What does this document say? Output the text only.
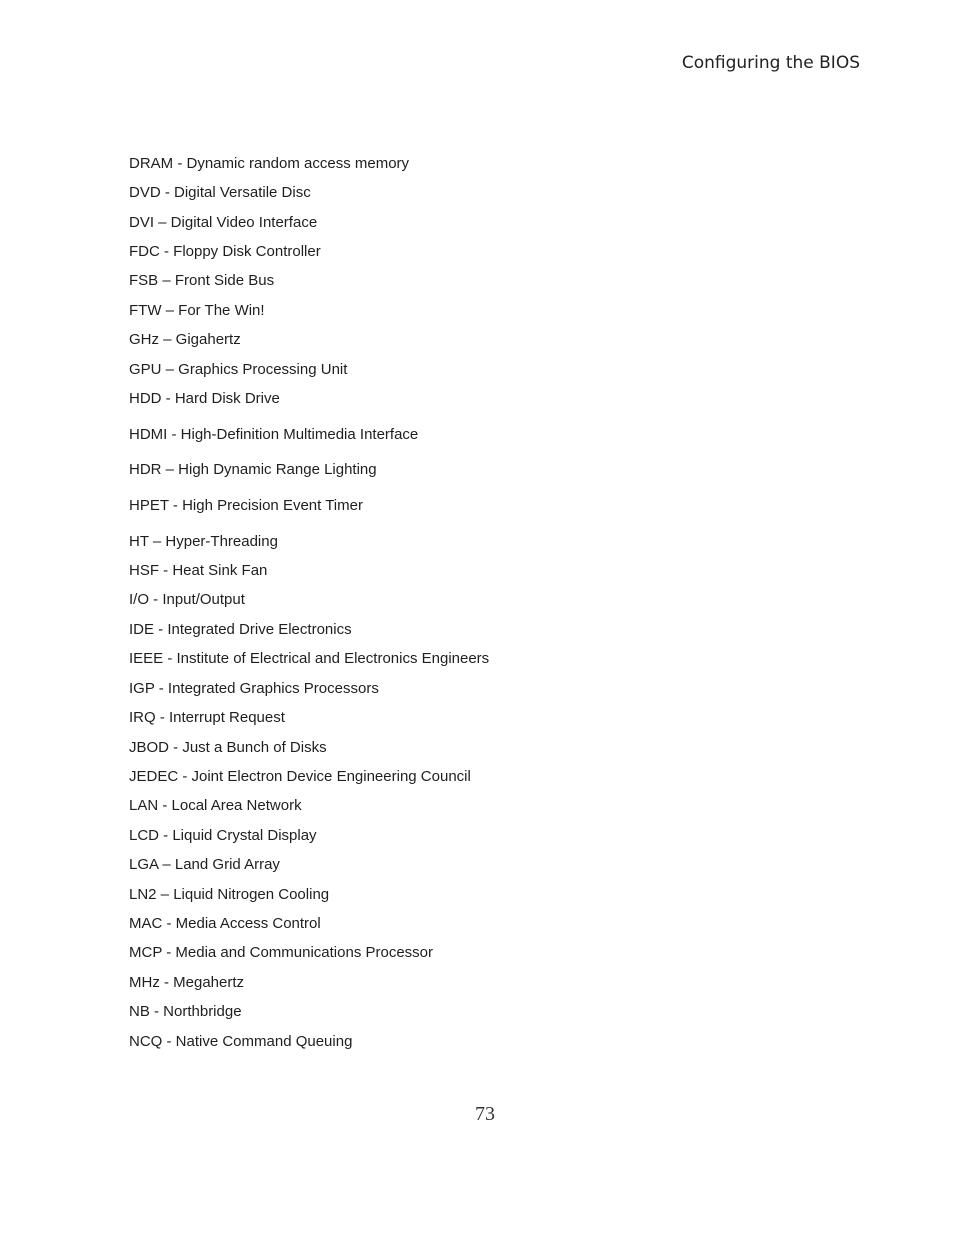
Configuring the BIOS
DRAM - Dynamic random access memory
DVD - Digital Versatile Disc
DVI – Digital Video Interface
FDC - Floppy Disk Controller
FSB – Front Side Bus
FTW – For The Win!
GHz – Gigahertz
GPU – Graphics Processing Unit
HDD - Hard Disk Drive
HDMI - High-Definition Multimedia Interface
HDR – High Dynamic Range Lighting
HPET - High Precision Event Timer
HT – Hyper-Threading
HSF - Heat Sink Fan
I/O - Input/Output
IDE - Integrated Drive Electronics
IEEE - Institute of Electrical and Electronics Engineers
IGP - Integrated Graphics Processors
IRQ - Interrupt Request
JBOD - Just a Bunch of Disks
JEDEC - Joint Electron Device Engineering Council
LAN - Local Area Network
LCD - Liquid Crystal Display
LGA – Land Grid Array
LN2 – Liquid Nitrogen Cooling
MAC - Media Access Control
MCP - Media and Communications Processor
MHz - Megahertz
NB - Northbridge
NCQ - Native Command Queuing
73
